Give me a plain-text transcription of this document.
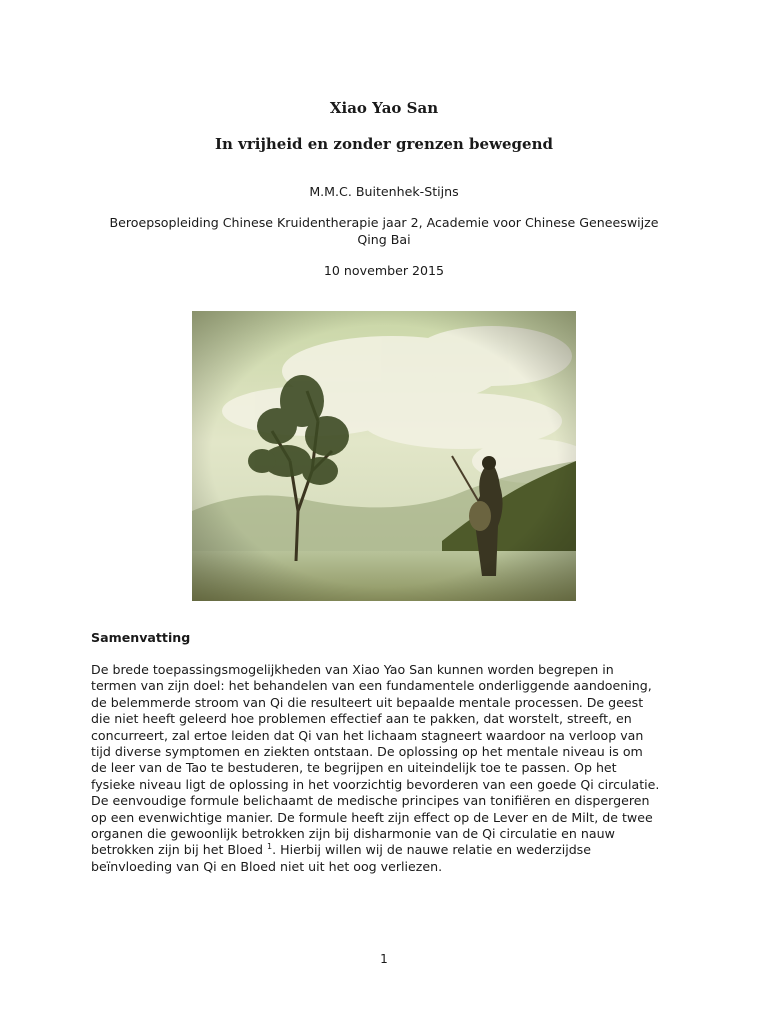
Xiao Yao San
In vrijheid en zonder grenzen bewegend
M.M.C. Buitenhek-Stijns
Beroepsopleiding Chinese Kruidentherapie jaar 2, Academie voor Chinese Geneeswijze
Qing Bai
10 november 2015
Samenvatting
De brede toepassingsmogelijkheden van Xiao Yao San kunnen worden begrepen in
termen van zijn doel: het behandelen van een fundamentele onderliggende aandoening,
de belemmerde stroom van Qi die resulteert uit bepaalde mentale processen. De geest
die niet heeft geleerd hoe problemen effectief aan te pakken, dat worstelt, streeft, en
concurreert, zal ertoe leiden dat Qi van het lichaam stagneert waardoor na verloop van
tijd diverse symptomen en ziekten ontstaan. De oplossing op het mentale niveau is om
de leer van de Tao te bestuderen, te begrijpen en uiteindelijk toe te passen. Op het
fysieke niveau ligt de oplossing in het voorzichtig bevorderen van een goede Qi circulatie.
De eenvoudige formule belichaamt de medische principes van tonifiëren en dispergeren
op een evenwichtige manier. De formule heeft zijn effect op de Lever en de Milt, de twee
organen die gewoonlijk betrokken zijn bij disharmonie van de Qi circulatie en nauw
betrokken zijn bij het Bloed $^1$. Hierbij willen wij de nauwe relatie en wederzijdse
beïnvloeding van Qi en Bloed niet uit het oog verliezen.
1
